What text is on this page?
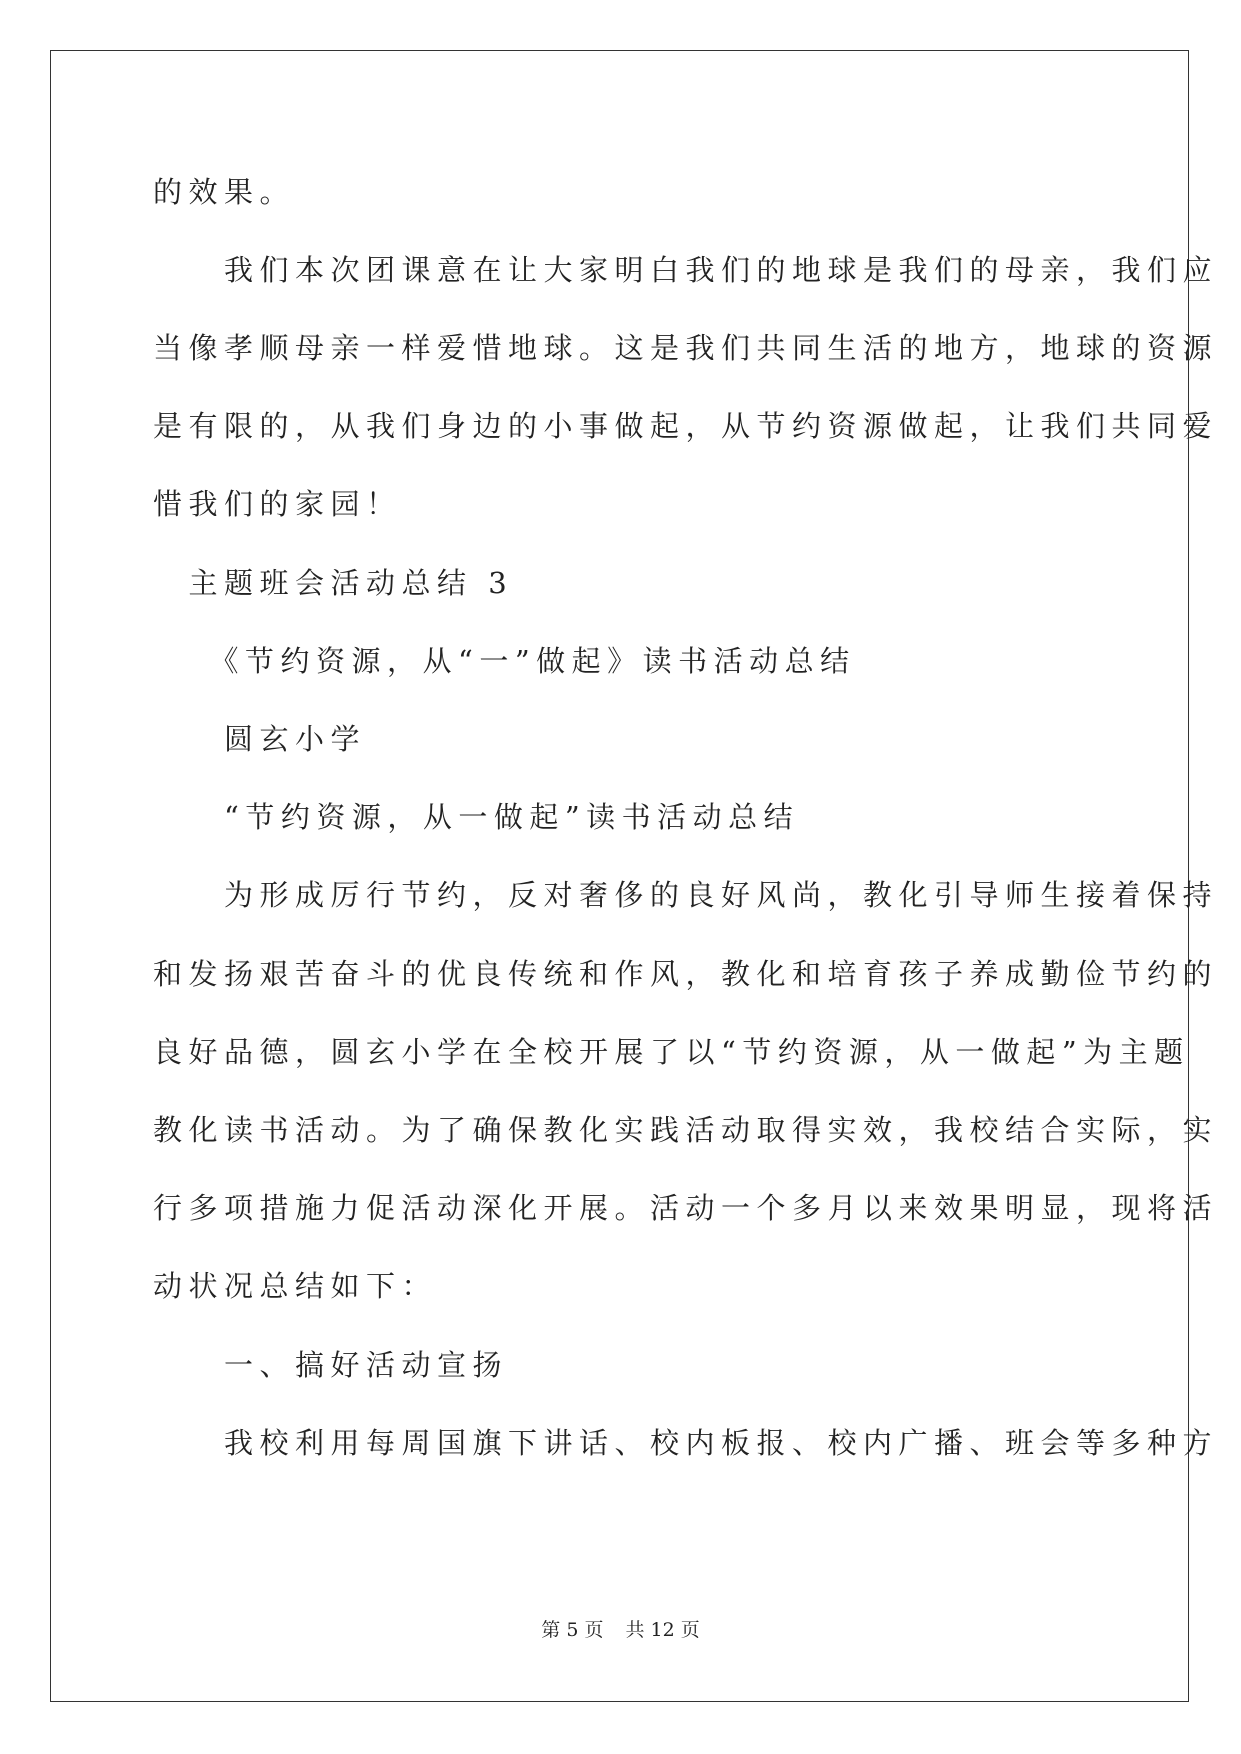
的效果。
　　我们本次团课意在让大家明白我们的地球是我们的母亲，我们应
当像孝顺母亲一样爱惜地球。这是我们共同生活的地方，地球的资源
是有限的，从我们身边的小事做起，从节约资源做起，让我们共同爱
惜我们的家园！
　主题班会活动总结 3
　　《节约资源，从“一”做起》读书活动总结
　　圆玄小学
　　“节约资源，从一做起”读书活动总结
　　为形成厉行节约，反对奢侈的良好风尚，教化引导师生接着保持
和发扬艰苦奋斗的优良传统和作风，教化和培育孩子养成勤俭节约的
良好品德，圆玄小学在全校开展了以“节约资源，从一做起”为主题
教化读书活动。为了确保教化实践活动取得实效，我校结合实际，实
行多项措施力促活动深化开展。活动一个多月以来效果明显，现将活
动状况总结如下：
　　一、搞好活动宣扬
　　我校利用每周国旗下讲话、校内板报、校内广播、班会等多种方
第 5 页 共 12 页
